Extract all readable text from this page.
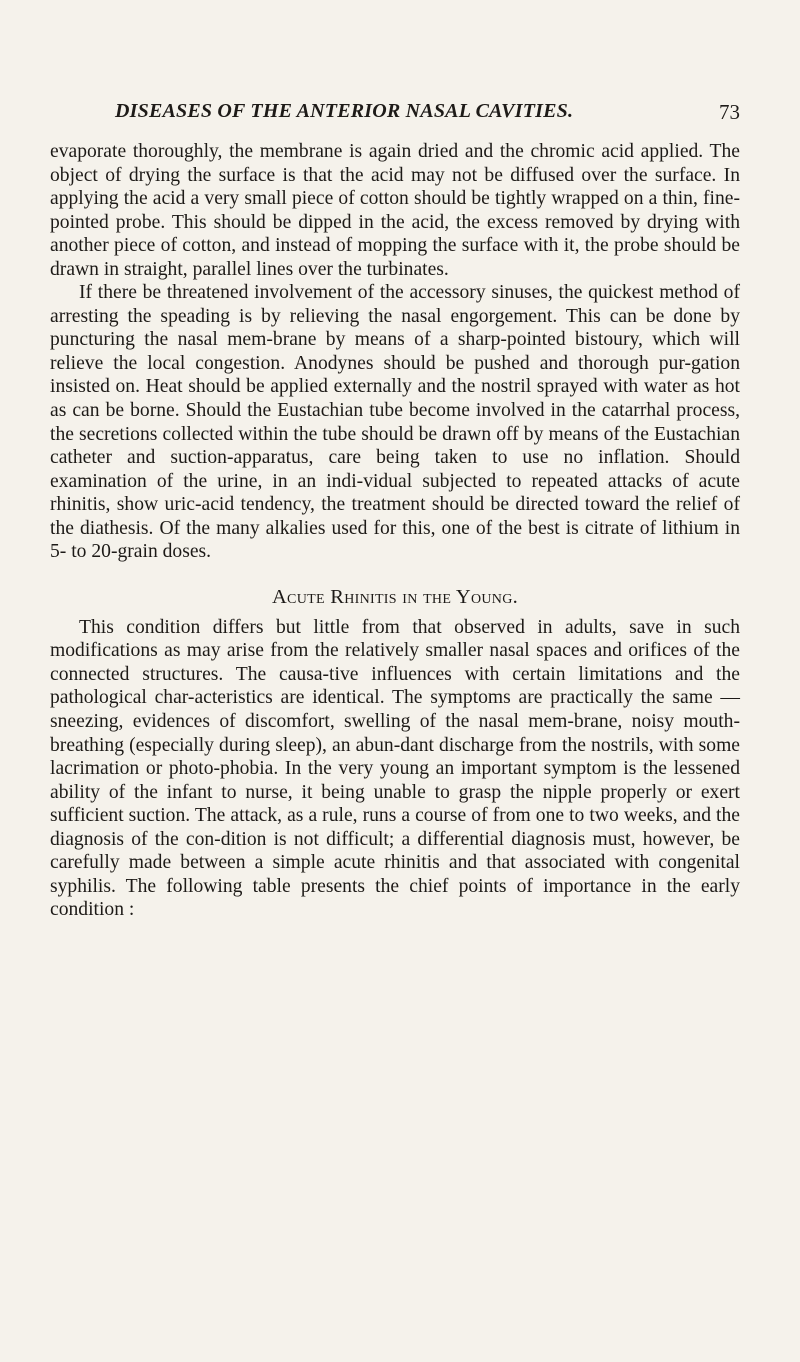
DISEASES OF THE ANTERIOR NASAL CAVITIES.	73

evaporate thoroughly, the membrane is again dried and the chromic acid applied. The object of drying the surface is that the acid may not be diffused over the surface. In applying the acid a very small piece of cotton should be tightly wrapped on a thin, fine-pointed probe. This should be dipped in the acid, the excess removed by drying with another piece of cotton, and instead of mopping the surface with it, the probe should be drawn in straight, parallel lines over the turbinates.

If there be threatened involvement of the accessory sinuses, the quickest method of arresting the speading is by relieving the nasal engorgement. This can be done by puncturing the nasal mem-brane by means of a sharp-pointed bistoury, which will relieve the local congestion. Anodynes should be pushed and thorough pur-gation insisted on. Heat should be applied externally and the nostril sprayed with water as hot as can be borne. Should the Eustachian tube become involved in the catarrhal process, the secretions collected within the tube should be drawn off by means of the Eustachian catheter and suction-apparatus, care being taken to use no inflation. Should examination of the urine, in an indi-vidual subjected to repeated attacks of acute rhinitis, show uric-acid tendency, the treatment should be directed toward the relief of the diathesis. Of the many alkalies used for this, one of the best is citrate of lithium in 5- to 20-grain doses.

Acute Rhinitis in the Young.

This condition differs but little from that observed in adults, save in such modifications as may arise from the relatively smaller nasal spaces and orifices of the connected structures. The causa-tive influences with certain limitations and the pathological char-acteristics are identical. The symptoms are practically the same —sneezing, evidences of discomfort, swelling of the nasal mem-brane, noisy mouth-breathing (especially during sleep), an abun-dant discharge from the nostrils, with some lacrimation or photo-phobia. In the very young an important symptom is the lessened ability of the infant to nurse, it being unable to grasp the nipple properly or exert sufficient suction. The attack, as a rule, runs a course of from one to two weeks, and the diagnosis of the con-dition is not difficult; a differential diagnosis must, however, be carefully made between a simple acute rhinitis and that associated with congenital syphilis. The following table presents the chief points of importance in the early condition :
